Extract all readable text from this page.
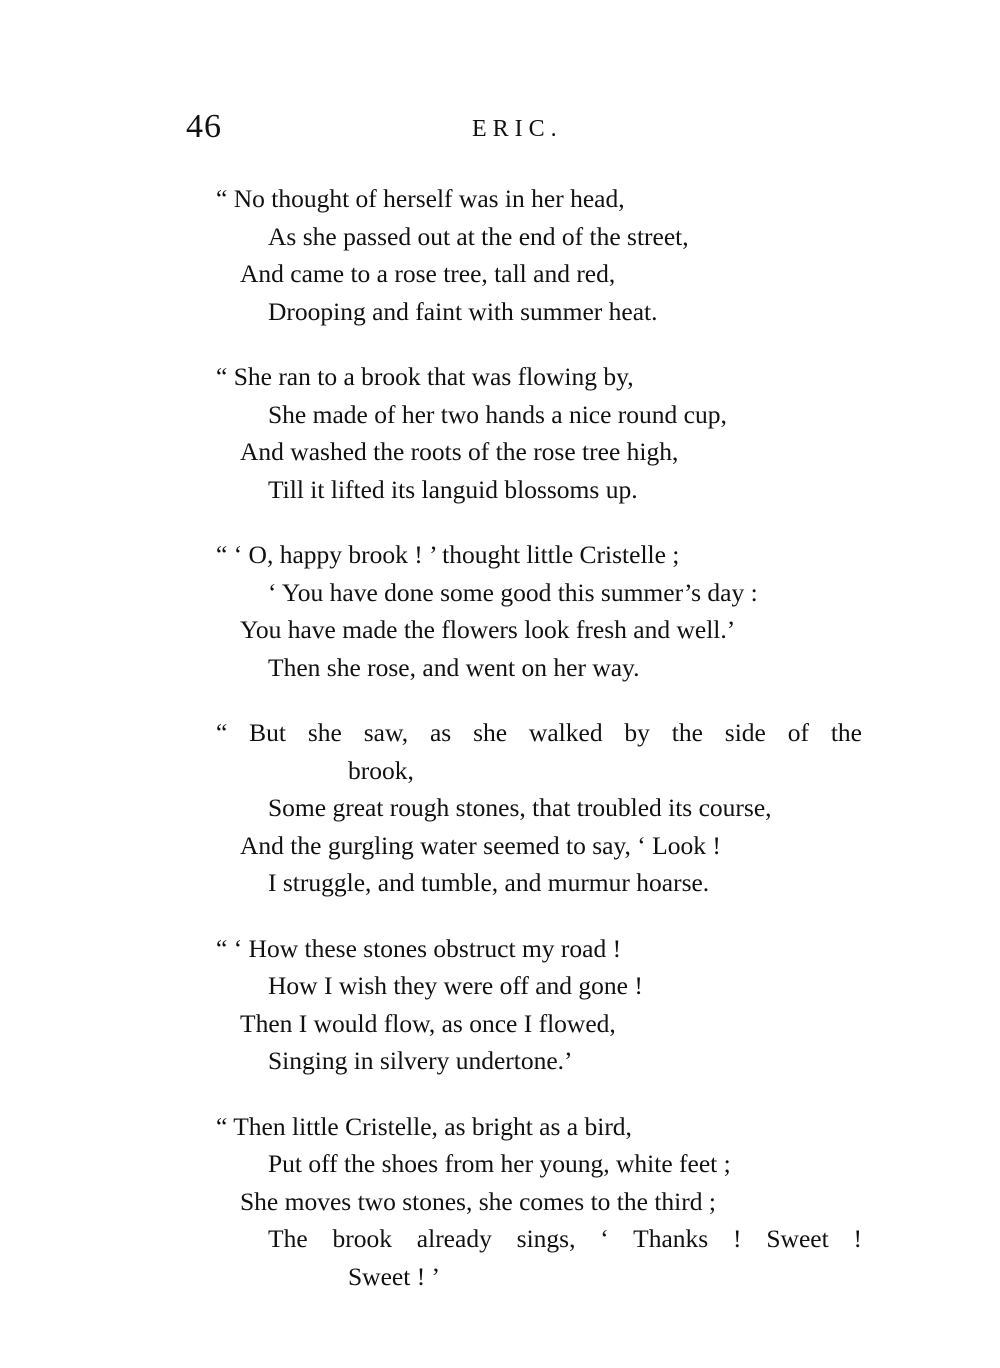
46	ERIC.
“ No thought of herself was in her head,
As she passed out at the end of the street,
And came to a rose tree, tall and red,
Drooping and faint with summer heat.
“ She ran to a brook that was flowing by,
She made of her two hands a nice round cup,
And washed the roots of the rose tree high,
Till it lifted its languid blossoms up.
“ ‘ O, happy brook ! ’ thought little Cristelle ;
‘ You have done some good this summer’s day :
You have made the flowers look fresh and well.’
Then she rose, and went on her way.
“ But she saw, as she walked by the side of the
brook,
Some great rough stones, that troubled its course,
And the gurgling water seemed to say, ‘ Look !
I struggle, and tumble, and murmur hoarse.
“ ‘ How these stones obstruct my road !
How I wish they were off and gone !
Then I would flow, as once I flowed,
Singing in silvery undertone.’
“ Then little Cristelle, as bright as a bird,
Put off the shoes from her young, white feet ;
She moves two stones, she comes to the third ;
The brook already sings, ‘ Thanks ! Sweet !
Sweet ! ’
